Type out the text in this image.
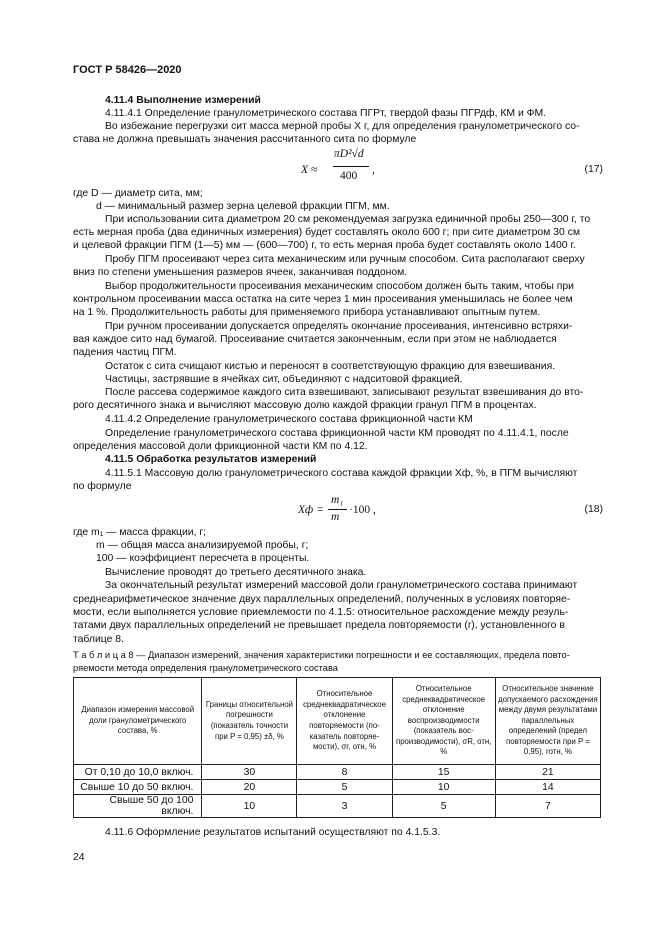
ГОСТ Р 58426—2020
4.11.4 Выполнение измерений
4.11.4.1 Определение гранулометрического состава ПГРт, твердой фазы ПГРдф, КМ и ФМ.
Во избежание перегрузки сит масса мерной пробы X г, для определения гранулометрического со-
става не должна превышать значения рассчитанного сита по формуле
X ≈
πD²√d
400 ,	(17)
где D — диаметр сита, мм;
d — минимальный размер зерна целевой фракции ПГМ, мм.
При использовании сита диаметром 20 см рекомендуемая загрузка единичной пробы 250—300 г, то
есть мерная проба (два единичных измерения) будет составлять около 600 г; при сите диаметром 30 см
и целевой фракции ПГМ (1—5) мм — (600—700) г, то есть мерная проба будет составлять около 1400 г.
Пробу ПГМ просеивают через сита механическим или ручным способом. Сита располагают сверху
вниз по степени уменьшения размеров ячеек, заканчивая поддоном.
Выбор продолжительности просеивания механическим способом должен быть таким, чтобы при
контрольном просеивании масса остатка на сите через 1 мин просеивания уменьшилась не более чем
на 1 %. Продолжительность работы для применяемого прибора устанавливают опытным путем.
При ручном просеивании допускается определять окончание просеивания, интенсивно встряхи-
вая каждое сито над бумагой. Просеивание считается законченным, если при этом не наблюдается
падения частиц ПГМ.
Остаток с сита счищают кистью и переносят в соответствующую фракцию для взвешивания.
Частицы, застрявшие в ячейках сит, объединяют с надситовой фракцией.
После рассева содержимое каждого сита взвешивают, записывают результат взвешивания до вто-
рого десятичного знака и вычисляют массовую долю каждой фракции гранул ПГМ в процентах.
4.11.4.2 Определение гранулометрического состава фрикционной части КМ
Определение гранулометрического состава фрикционной части КМ проводят по 4.11.4.1, после
определения массовой доли фрикционной части КМ по 4.12.
4.11.5 Обработка результатов измерений
4.11.5.1 Массовую долю гранулометрического состава каждой фракции Xф, %, в ПГМ вычисляют
по формуле
Xф =
m₁
m
·100 ,	(18)
где m₁ — масса фракции, г;
m — общая масса анализируемой пробы, г;
100 — коэффициент пересчета в проценты.
Вычисление проводят до третьего десятичного знака.
За окончательный результат измерений массовой доли гранулометрического состава принимают
среднеарифметическое значение двух параллельных определений, полученных в условиях повторяе-
мости, если выполняется условие приемлемости по 4.1.5: относительное расхождение между резуль-
татами двух параллельных определений не превышает предела повторяемости (r), установленного в
таблице 8.
Т а б л и ц а 8 — Диапазон измерений, значения характеристики погрешности и ее составляющих, предела повто-
ряемости метода определения гранулометрического состава
Диапазон измерения массовой доли гранулометрического состава, %	Границы относительной погрешности (показатель точности при P = 0,95) ±δ, %	Относительное среднеквадратическое отклонение повторяемости (показатель повторяемости), σr, отн, %	Относительное среднеквадратическое отклонение воспроизводимости (показатель воспроизводимости), σR, отн, %	Относительное значение допускаемого расхождения между двумя результатами параллельных определений (предел повторяемости при P = 0,95), rотн, %
От 0,10 до 10,0 включ.	30	8	15	21
Свыше 10 до 50 включ.	20	5	10	14
Свыше 50 до 100 включ.	10	3	5	7
4.11.6 Оформление результатов испытаний осуществляют по 4.1.5.3.
24
